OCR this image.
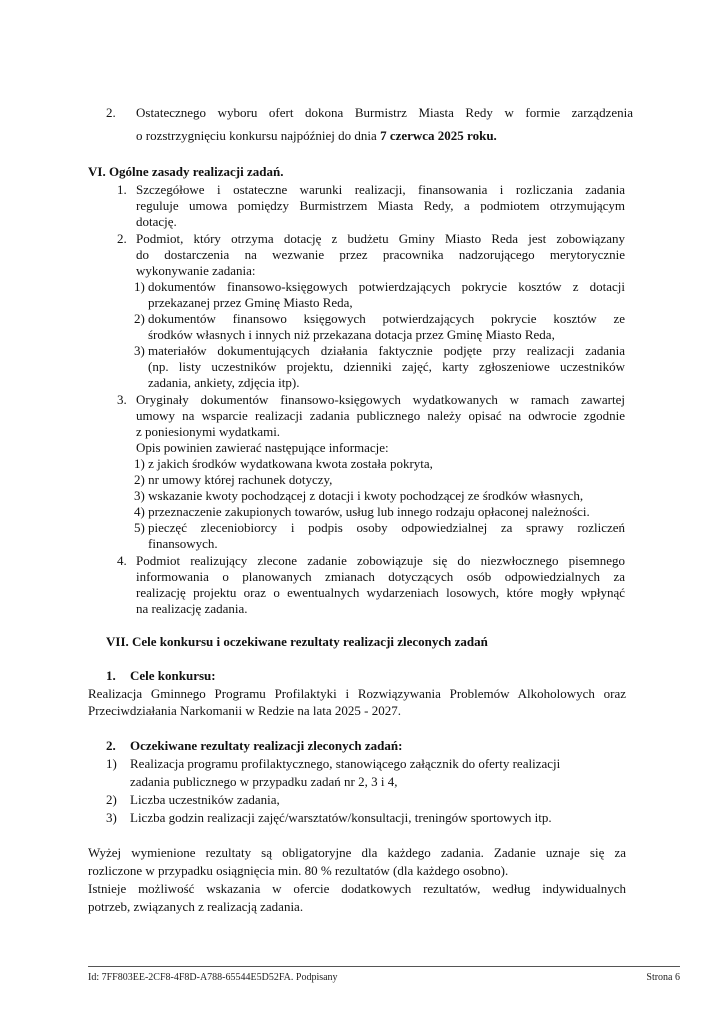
2. Ostatecznego wyboru ofert dokona Burmistrz Miasta Redy w formie zarządzenia
o rozstrzygnięciu konkursu najpóźniej do dnia 7 czerwca 2025 roku.
VI. Ogólne zasady realizacji zadań.
1. Szczegółowe i ostateczne warunki realizacji, finansowania i rozliczania zadania
reguluje umowa pomiędzy Burmistrzem Miasta Redy, a podmiotem otrzymującym
dotację.
2. Podmiot, który otrzyma dotację z budżetu Gminy Miasto Reda jest zobowiązany
do dostarczenia na wezwanie przez pracownika nadzorującego merytorycznie
wykonywanie zadania:
1) dokumentów finansowo-księgowych potwierdzających pokrycie kosztów z dotacji
przekazanej przez Gminę Miasto Reda,
2) dokumentów finansowo księgowych potwierdzających pokrycie kosztów ze
środków własnych i innych niż przekazana dotacja przez Gminę Miasto Reda,
3) materiałów dokumentujących działania faktycznie podjęte przy realizacji zadania
(np. listy uczestników projektu, dzienniki zajęć, karty zgłoszeniowe uczestników
zadania, ankiety, zdjęcia itp).
3. Oryginały dokumentów finansowo-księgowych wydatkowanych w ramach zawartej
umowy na wsparcie realizacji zadania publicznego należy opisać na odwrocie zgodnie
z poniesionymi wydatkami.
Opis powinien zawierać następujące informacje:
1) z jakich środków wydatkowana kwota została pokryta,
2) nr umowy której rachunek dotyczy,
3) wskazanie kwoty pochodzącej z dotacji i kwoty pochodzącej ze środków własnych,
4) przeznaczenie zakupionych towarów, usług lub innego rodzaju opłaconej należności.
5) pieczęć zleceniobiorcy i podpis osoby odpowiedzialnej za sprawy rozliczeń
finansowych.
4. Podmiot realizujący zlecone zadanie zobowiązuje się do niezwłocznego pisemnego
informowania o planowanych zmianach dotyczących osób odpowiedzialnych za
realizację projektu oraz o ewentualnych wydarzeniach losowych, które mogły wpłynąć
na realizację zadania.
VII. Cele konkursu i oczekiwane rezultaty realizacji zleconych zadań
1. Cele konkursu:
Realizacja Gminnego Programu Profilaktyki i Rozwiązywania Problemów Alkoholowych oraz
Przeciwdziałania Narkomanii w Redzie na lata 2025 - 2027.
2. Oczekiwane rezultaty realizacji zleconych zadań:
1) Realizacja programu profilaktycznego, stanowiącego załącznik do oferty realizacji
zadania publicznego w przypadku zadań nr 2, 3 i 4,
2) Liczba uczestników zadania,
3) Liczba godzin realizacji zajęć/warsztatów/konsultacji, treningów sportowych itp.
Wyżej wymienione rezultaty są obligatoryjne dla każdego zadania. Zadanie uznaje się za
rozliczone w przypadku osiągnięcia min. 80 % rezultatów (dla każdego osobno).
Istnieje możliwość wskazania w ofercie dodatkowych rezultatów, według indywidualnych
potrzeb, związanych z realizacją zadania.
Id: 7FF803EE-2CF8-4F8D-A788-65544E5D52FA. Podpisany	Strona 6
